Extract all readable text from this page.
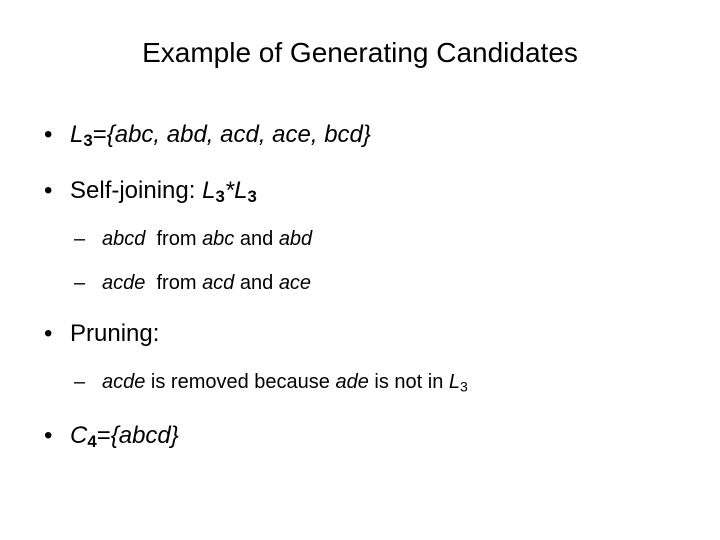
Example of Generating Candidates
• $L_3=\{abc$, abd, acd, ace, bcd}
• Self-joining: $L_3*L_3$
– abcd from abc and abd
– acde from acd and ace
• Pruning:
– acde is removed because ade is not in $L_3$
• $C_4=\{abcd\}$
